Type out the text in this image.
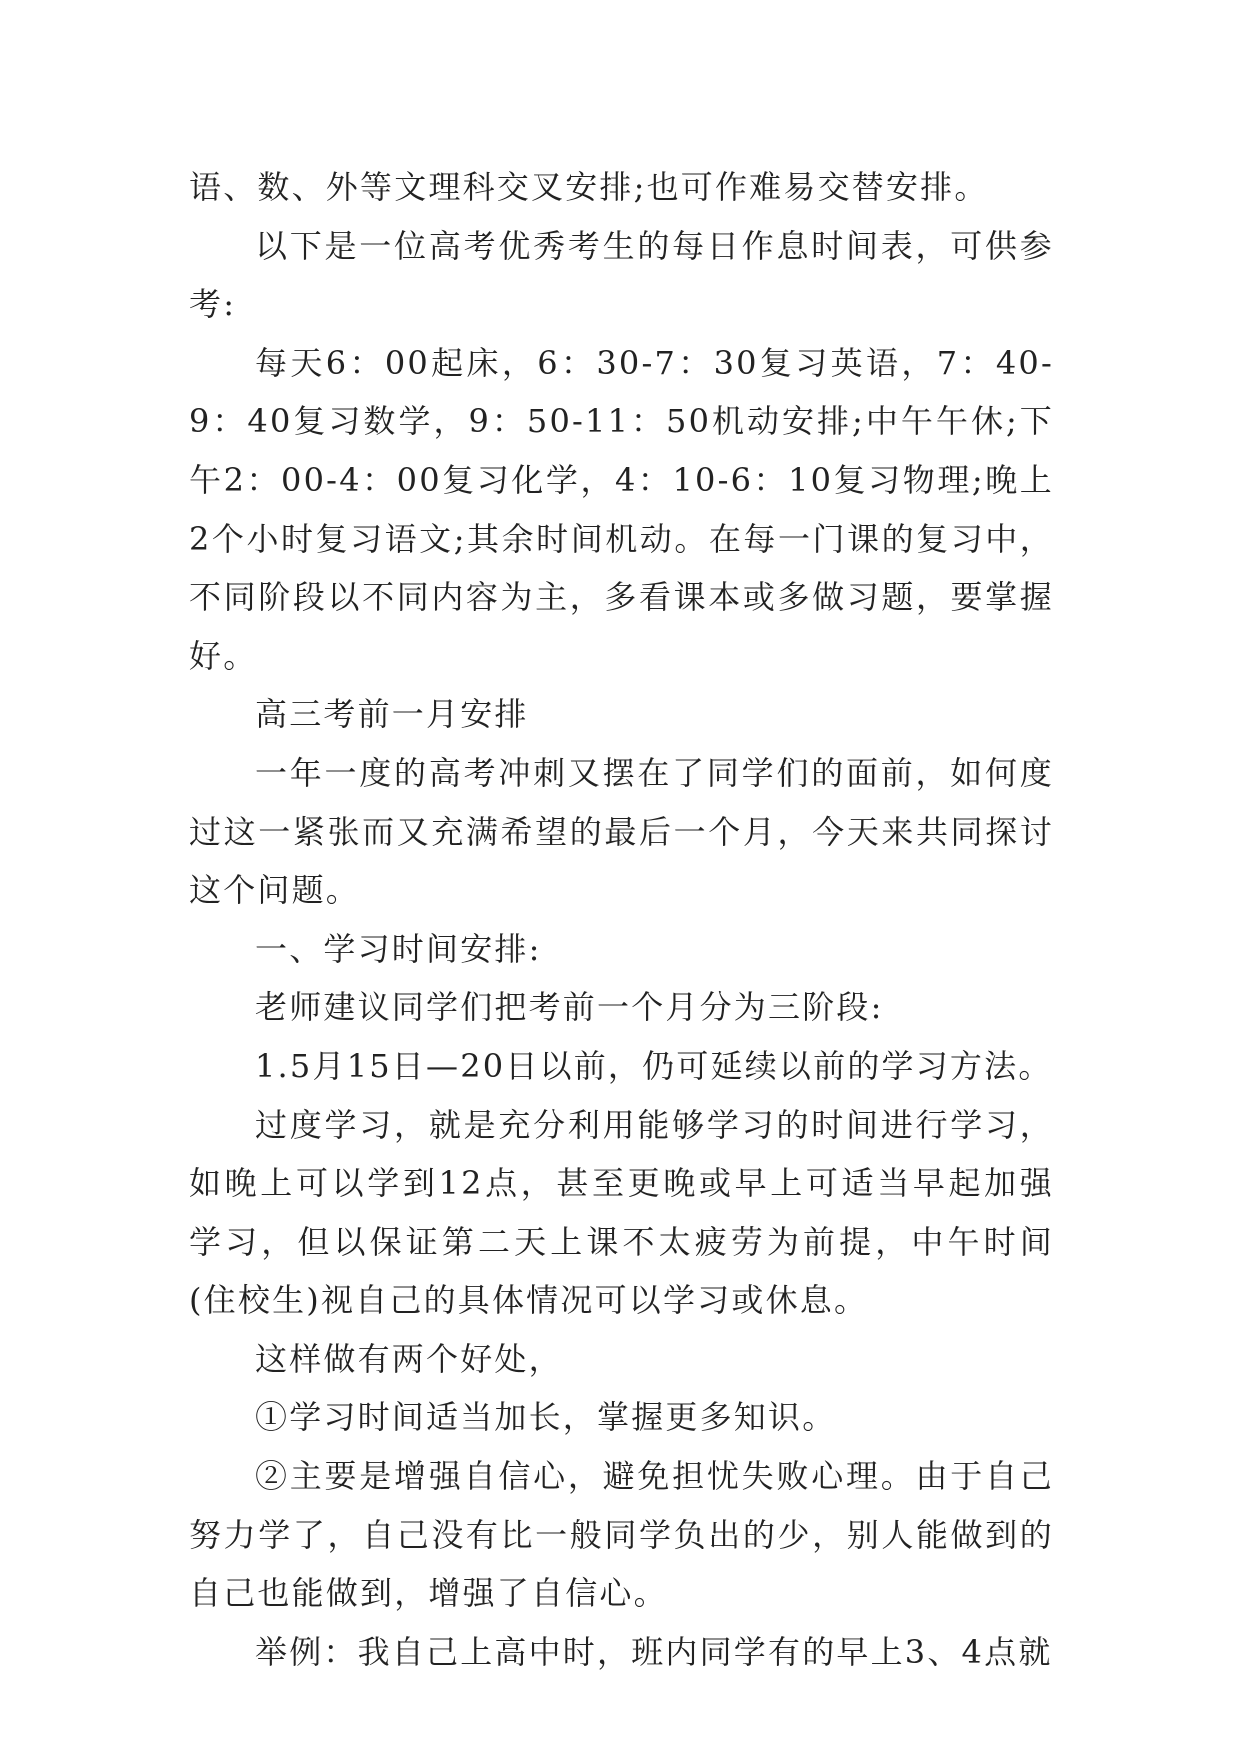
语、数、外等文理科交叉安排;也可作难易交替安排。

以下是一位高考优秀考生的每日作息时间表，可供参考:

每天6：00起床，6：30-7：30复习英语，7：40-9：40复习数学，9：50-11：50机动安排;中午午休;下午2：00-4：00复习化学，4：10-6：10复习物理;晚上2个小时复习语文;其余时间机动。在每一门课的复习中，不同阶段以不同内容为主，多看课本或多做习题，要掌握好。

高三考前一月安排

一年一度的高考冲刺又摆在了同学们的面前，如何度过这一紧张而又充满希望的最后一个月，今天来共同探讨这个问题。

一、学习时间安排:

老师建议同学们把考前一个月分为三阶段:

1.5月15日—20日以前，仍可延续以前的学习方法。

过度学习，就是充分利用能够学习的时间进行学习，如晚上可以学到12点，甚至更晚或早上可适当早起加强学习，但以保证第二天上课不太疲劳为前提，中午时间(住校生)视自己的具体情况可以学习或休息。

这样做有两个好处，

①学习时间适当加长，掌握更多知识。

②主要是增强自信心，避免担忧失败心理。由于自己努力学了，自己没有比一般同学负出的少，别人能做到的自己也能做到，增强了自信心。

举例：我自己上高中时，班内同学有的早上3、4点就
